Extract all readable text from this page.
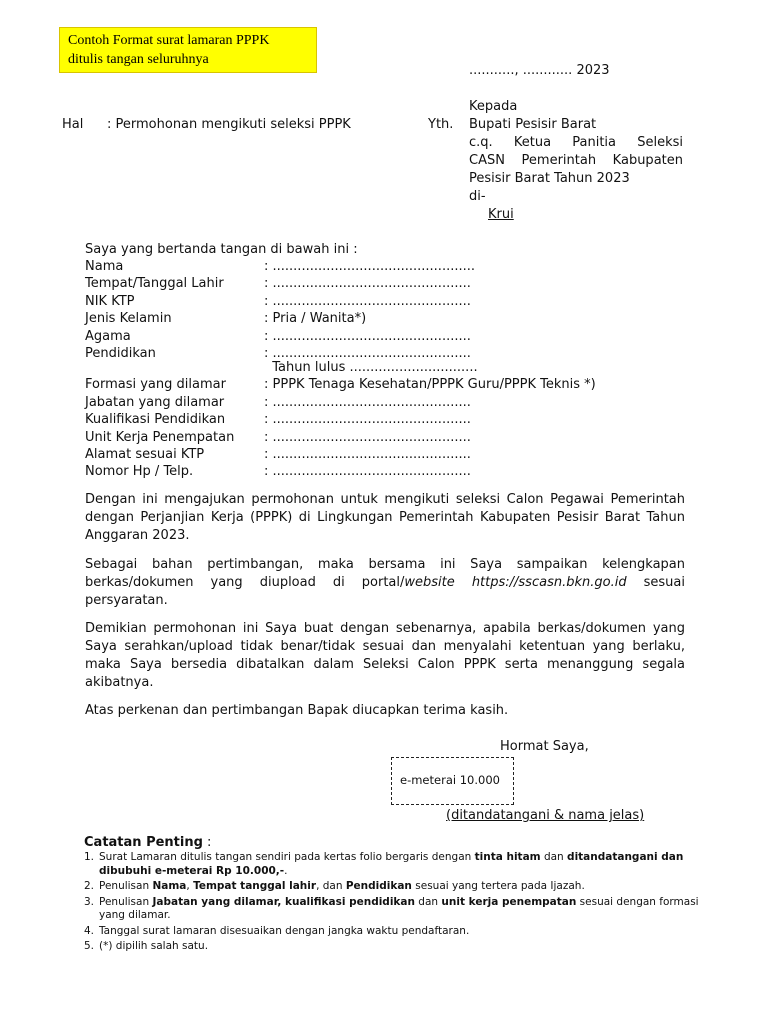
Contoh Format surat lamaran PPPK
ditulis tangan seluruhnya
..........., ............ 2023
Kepada
Yth. Bupati Pesisir Barat
c.q. Ketua Panitia Seleksi
CASN Pemerintah Kabupaten
Pesisir Barat Tahun 2023
di-
Krui
Hal : Permohonan mengikuti seleksi PPPK
Saya yang bertanda tangan di bawah ini :
Nama	: .................................................
Tempat/Tanggal Lahir	: ................................................
NIK KTP	: ................................................
Jenis Kelamin	: Pria / Wanita*)
Agama	: ................................................
Pendidikan	: ................................................
Tahun lulus ...............................
Formasi yang dilamar	: PPPK Tenaga Kesehatan/PPPK Guru/PPPK Teknis *)
Jabatan yang dilamar	: ................................................
Kualifikasi Pendidikan	: ................................................
Unit Kerja Penempatan : ................................................
Alamat sesuai KTP	: ................................................
Nomor Hp / Telp.	: ................................................
Dengan ini mengajukan permohonan untuk mengikuti seleksi Calon Pegawai Pemerintah dengan Perjanjian Kerja (PPPK) di Lingkungan Pemerintah Kabupaten Pesisir Barat Tahun Anggaran 2023.
Sebagai bahan pertimbangan, maka bersama ini Saya sampaikan kelengkapan berkas/dokumen yang diupload di portal/website https://sscasn.bkn.go.id sesuai persyaratan.
Demikian permohonan ini Saya buat dengan sebenarnya, apabila berkas/dokumen yang Saya serahkan/upload tidak benar/tidak sesuai dan menyalahi ketentuan yang berlaku, maka Saya bersedia dibatalkan dalam Seleksi Calon PPPK serta menanggung segala akibatnya.
Atas perkenan dan pertimbangan Bapak diucapkan terima kasih.
Hormat Saya,
e-meterai 10.000
(ditandatangani & nama jelas)
Catatan Penting :
1. Surat Lamaran ditulis tangan sendiri pada kertas folio bergaris dengan tinta hitam dan ditandatangani dan dibubuhi e-meterai Rp 10.000,-.
2. Penulisan Nama, Tempat tanggal lahir, dan Pendidikan sesuai yang tertera pada Ijazah.
3. Penulisan Jabatan yang dilamar, kualifikasi pendidikan dan unit kerja penempatan sesuai dengan formasi yang dilamar.
4. Tanggal surat lamaran disesuaikan dengan jangka waktu pendaftaran.
5. (*) dipilih salah satu.
